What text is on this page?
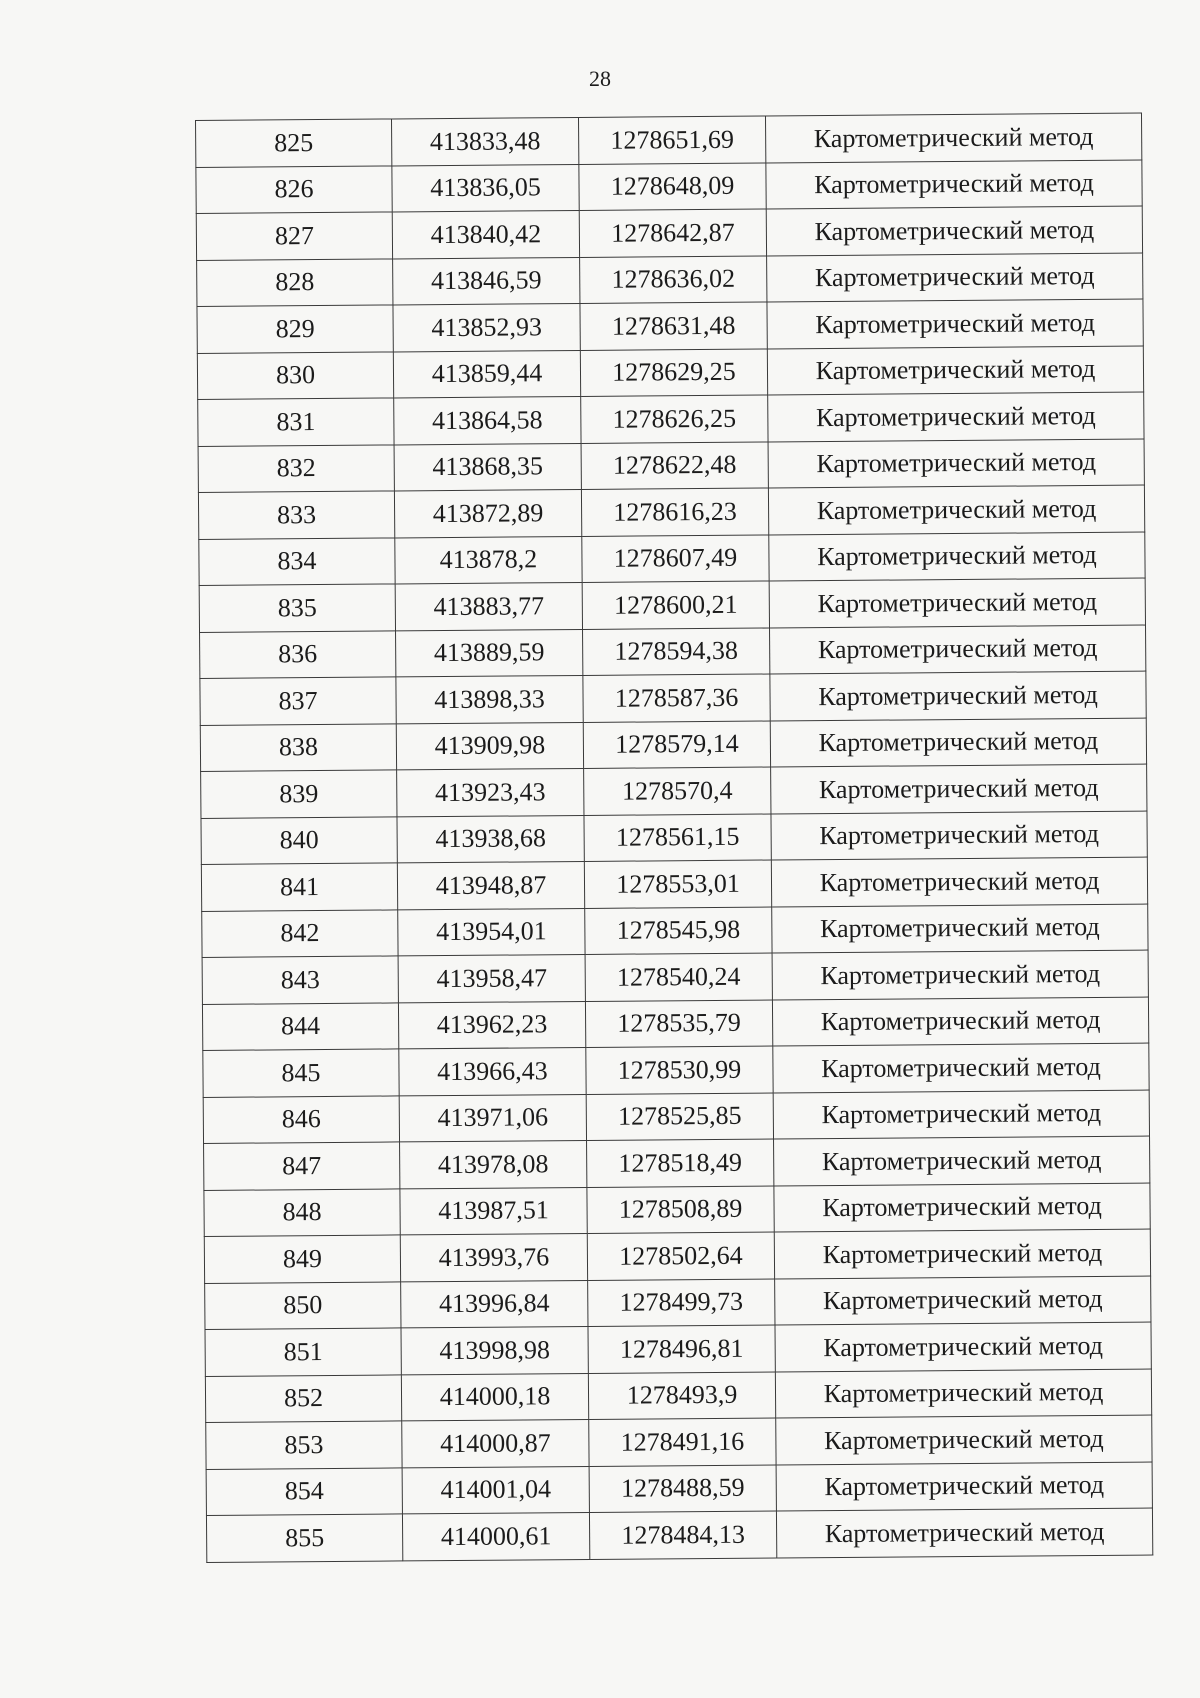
28
825	413833,48	1278651,69	Картометрический метод
826	413836,05	1278648,09	Картометрический метод
827	413840,42	1278642,87	Картометрический метод
828	413846,59	1278636,02	Картометрический метод
829	413852,93	1278631,48	Картометрический метод
830	413859,44	1278629,25	Картометрический метод
831	413864,58	1278626,25	Картометрический метод
832	413868,35	1278622,48	Картометрический метод
833	413872,89	1278616,23	Картометрический метод
834	413878,2	1278607,49	Картометрический метод
835	413883,77	1278600,21	Картометрический метод
836	413889,59	1278594,38	Картометрический метод
837	413898,33	1278587,36	Картометрический метод
838	413909,98	1278579,14	Картометрический метод
839	413923,43	1278570,4	Картометрический метод
840	413938,68	1278561,15	Картометрический метод
841	413948,87	1278553,01	Картометрический метод
842	413954,01	1278545,98	Картометрический метод
843	413958,47	1278540,24	Картометрический метод
844	413962,23	1278535,79	Картометрический метод
845	413966,43	1278530,99	Картометрический метод
846	413971,06	1278525,85	Картометрический метод
847	413978,08	1278518,49	Картометрический метод
848	413987,51	1278508,89	Картометрический метод
849	413993,76	1278502,64	Картометрический метод
850	413996,84	1278499,73	Картометрический метод
851	413998,98	1278496,81	Картометрический метод
852	414000,18	1278493,9	Картометрический метод
853	414000,87	1278491,16	Картометрический метод
854	414001,04	1278488,59	Картометрический метод
855	414000,61	1278484,13	Картометрический метод
